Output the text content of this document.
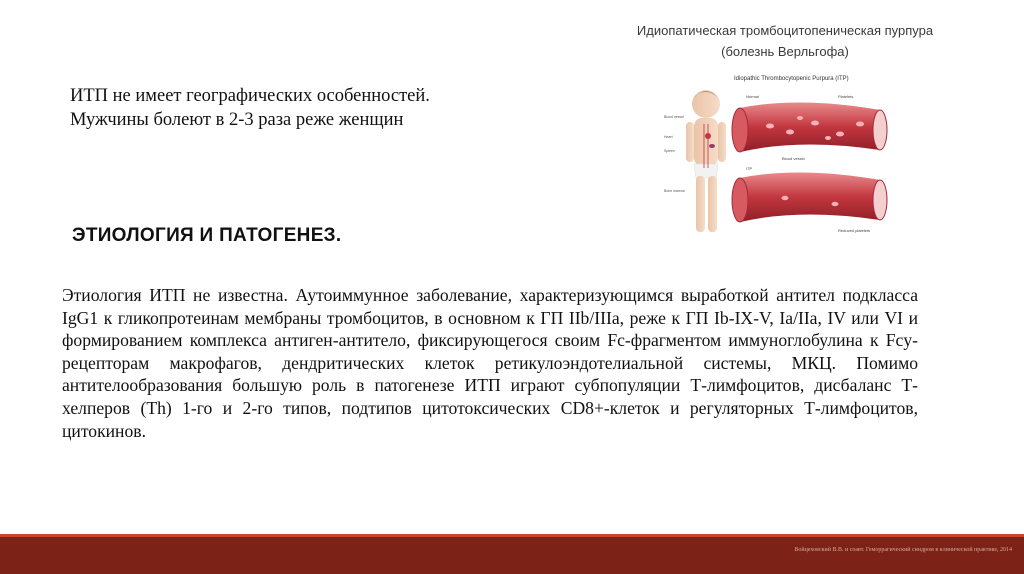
ИТП не имеет географических особенностей.
Мужчины болеют в 2-3 раза реже женщин
ЭТИОЛОГИЯ И ПАТОГЕНЕЗ.
Этиология ИТП не известна. Аутоиммунное заболевание, характеризующимся выработкой антител подкласса IgG1 к гликопротеинам мембраны тромбоцитов, в основном к ГП IIb/IIIa, реже к ГП Ib-IX-V, Ia/IIa, IV или VI и формированием комплекса антиген-антитело, фиксирующегося своим Fc-фрагментом иммуноглобулина к Fcу-рецепторам макрофагов, дендритических клеток ретикулоэндотелиальной системы, МКЦ. Помимо антителообразования большую роль в патогенезе ИТП играют субпопуляции Т-лимфоцитов, дисбаланс Т-хелперов (Th) 1-го и 2-го типов, подтипов цитотоксических CD8+-клеток и регуляторных Т-лимфоцитов, цитокинов.
Идиопатическая тромбоцитопеническая пурпура
(болезнь Верльгофа)
Idiopathic Thrombocytopenic Purpura (ITP)
Blood vessel
Heart
Spleen
Bone marrow
Normal	Platelets
Blood vessel
ITP
Reduced platelets
Войцеховский В.В. и соавт. Геморрагический синдром в клинической практике, 2014
